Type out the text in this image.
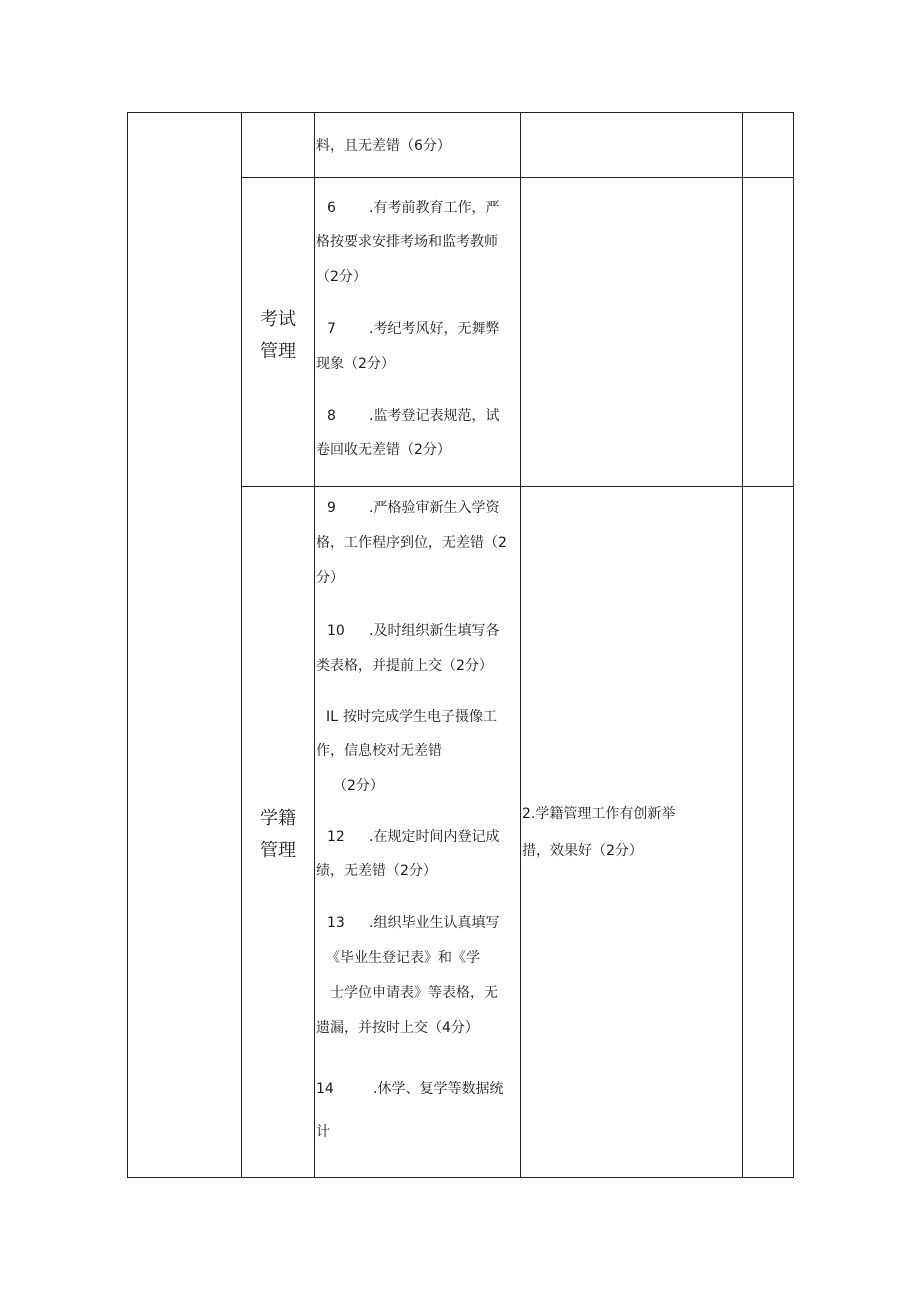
料，且无差错（6分）
考试
管理
6 .有考前教育工作，严
格按要求安排考场和监考教师
（2分）
7 .考纪考风好，无舞弊
现象（2分）
8 .监考登记表规范，试
卷回收无差错（2分）
学籍
管理
9 .严格验审新生入学资
格，工作程序到位，无差错（2
分）
10 .及时组织新生填写各
类表格，并提前上交（2分）
IL 按时完成学生电子摄像工
作，信息校对无差错
（2分）
12 .在规定时间内登记成
绩，无差错（2分）
13 .组织毕业生认真填写
《毕业生登记表》和《学
士学位申请表》等表格，无
遗漏，并按时上交（4分）
14	.休学、复学等数据统
计
2.学籍管理工作有创新举
措，效果好（2分）
